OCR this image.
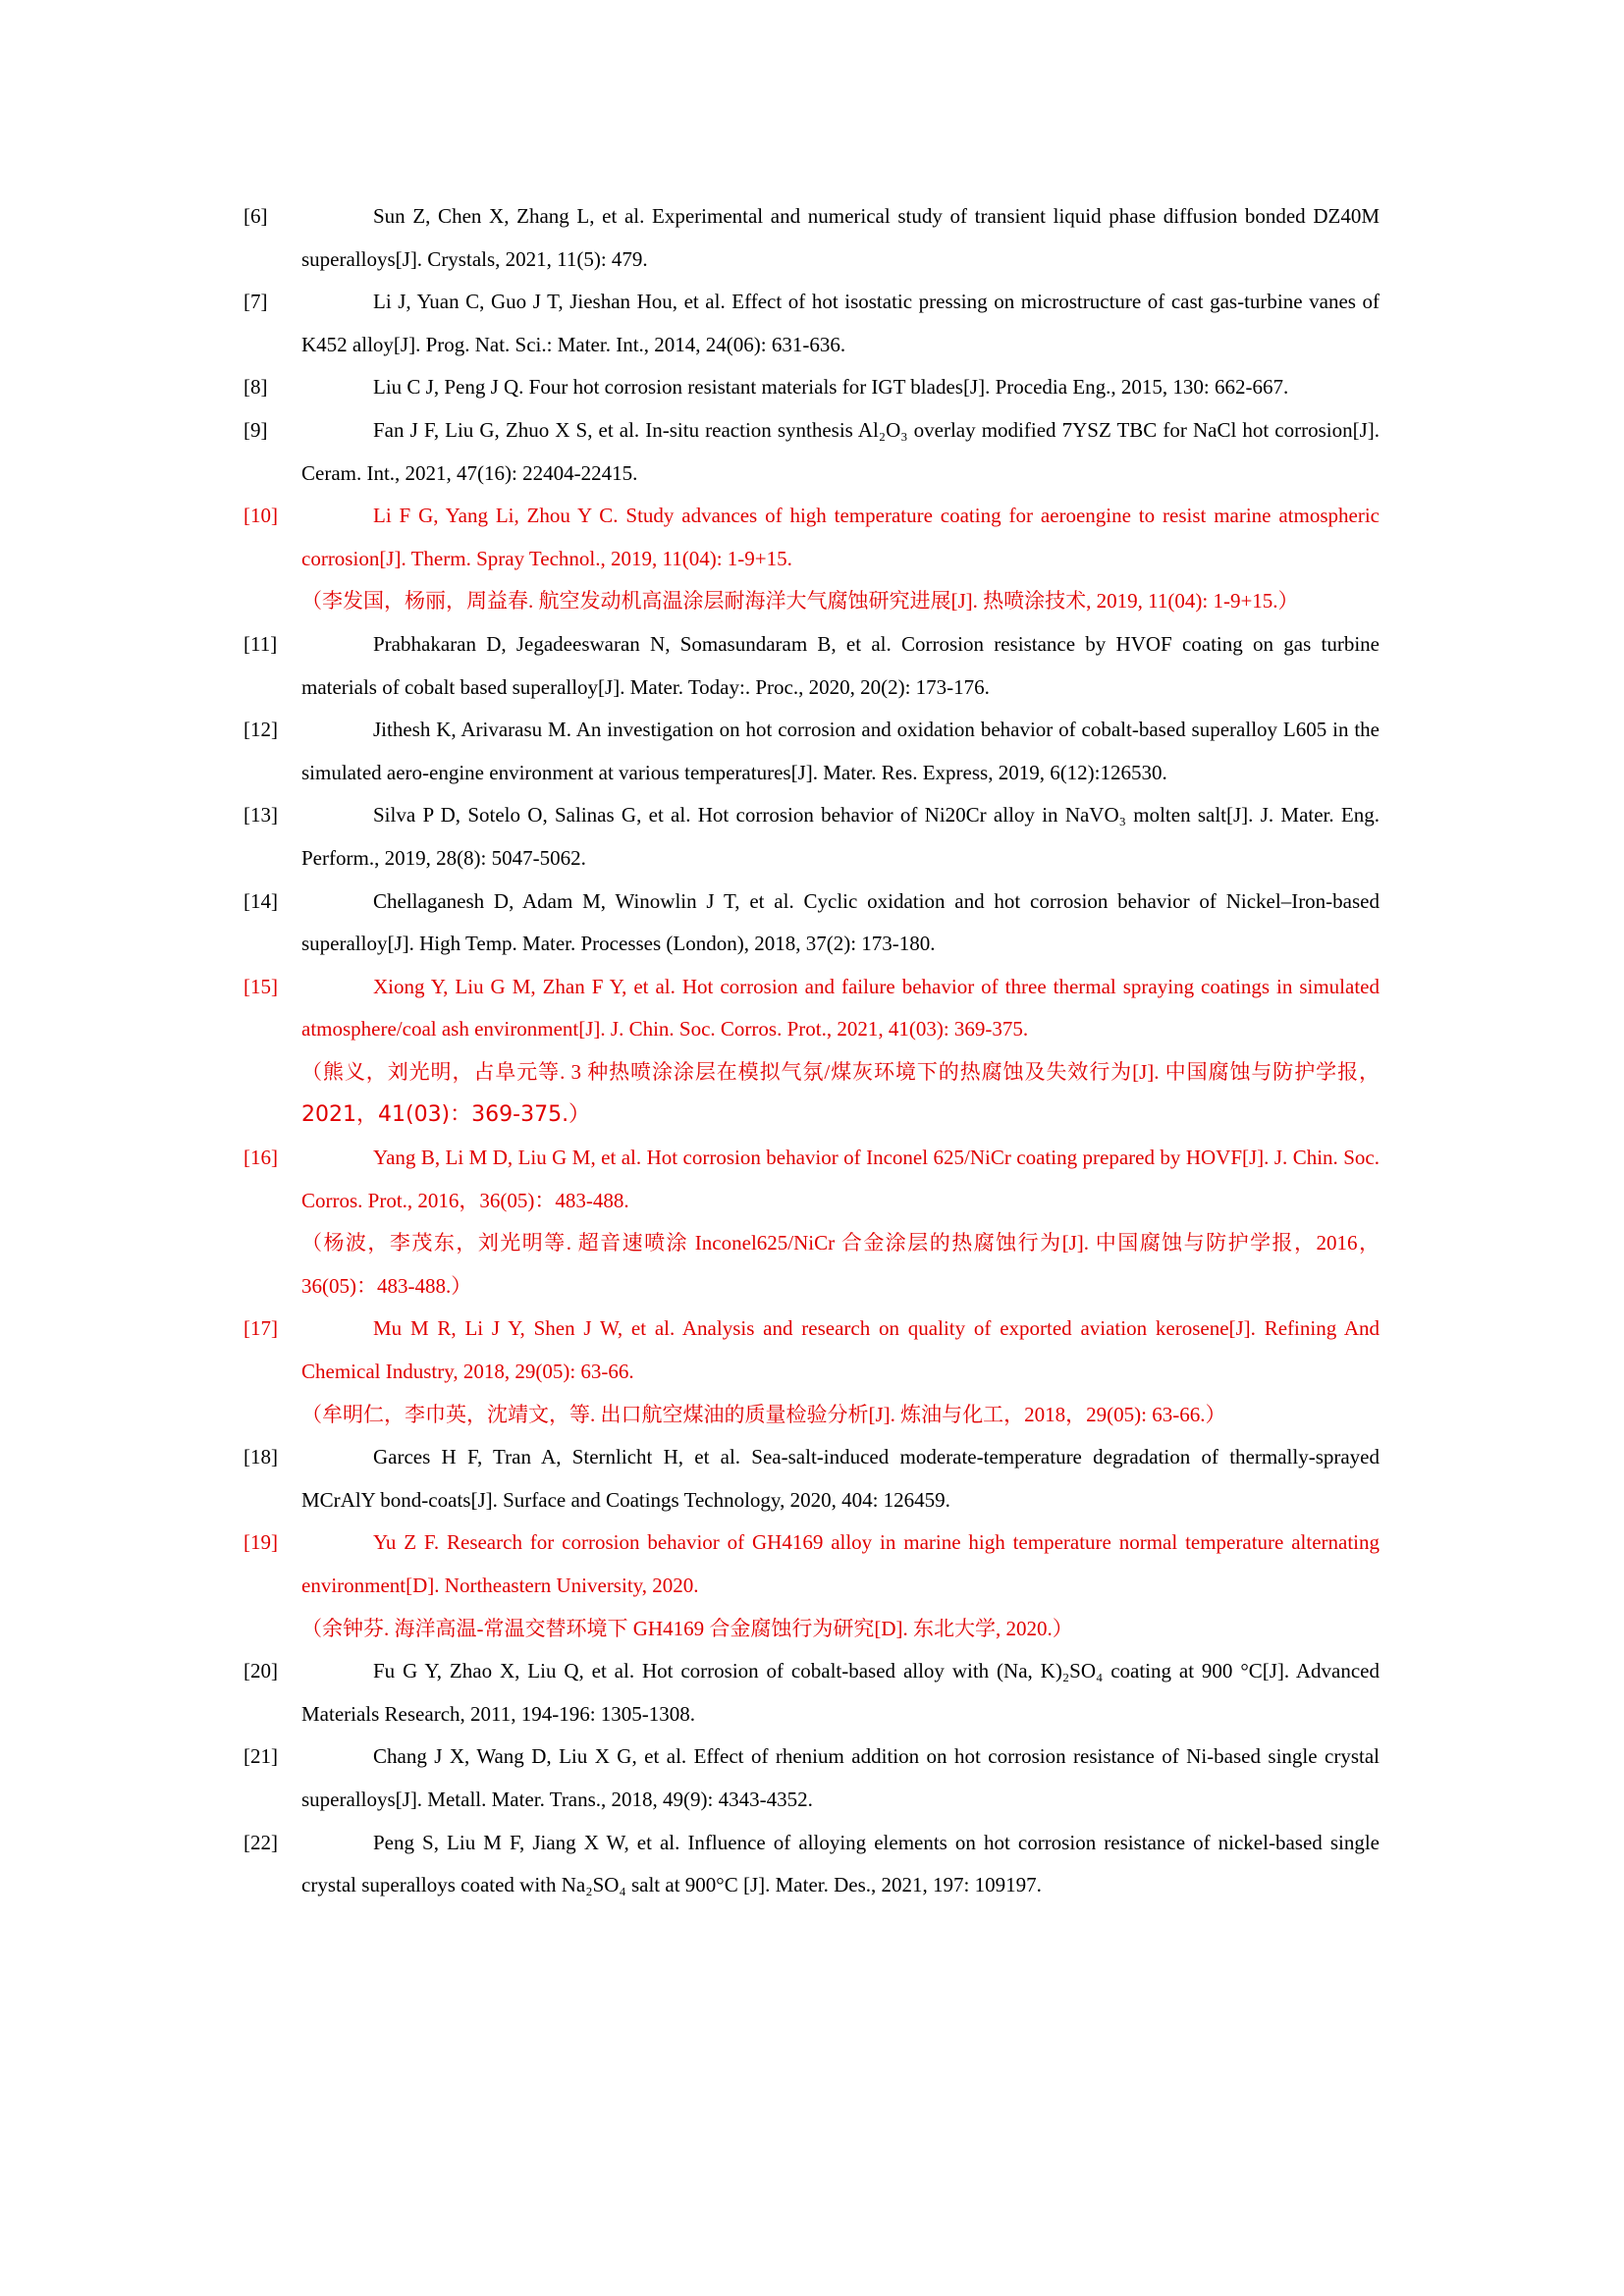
[6]	Sun Z, Chen X, Zhang L, et al. Experimental and numerical study of transient liquid phase diffusion bonded DZ40M superalloys[J]. Crystals, 2021, 11(5): 479.

[7]	Li J, Yuan C, Guo J T, Jieshan Hou, et al. Effect of hot isostatic pressing on microstructure of cast gas-turbine vanes of K452 alloy[J]. Prog. Nat. Sci.: Mater. Int., 2014, 24(06): 631-636.

[8]	Liu C J, Peng J Q. Four hot corrosion resistant materials for IGT blades[J]. Procedia Eng., 2015, 130: 662-667.

[9]	Fan J F, Liu G, Zhuo X S, et al. In-situ reaction synthesis Al₂O₃ overlay modified 7YSZ TBC for NaCl hot corrosion[J]. Ceram. Int., 2021, 47(16): 22404-22415.

[10]	Li F G, Yang Li, Zhou Y C. Study advances of high temperature coating for aeroengine to resist marine atmospheric corrosion[J]. Therm. Spray Technol., 2019, 11(04): 1-9+15.

（李发国，杨丽，周益春. 航空发动机高温涂层耐海洋大气腐蚀研究进展[J]. 热喷涂技术, 2019, 11(04): 1-9+15.）

[11]	Prabhakaran D, Jegadeeswaran N, Somasundaram B, et al. Corrosion resistance by HVOF coating on gas turbine materials of cobalt based superalloy[J]. Mater. Today:. Proc., 2020, 20(2): 173-176.

[12]	Jithesh K, Arivarasu M. An investigation on hot corrosion and oxidation behavior of cobalt-based superalloy L605 in the simulated aero-engine environment at various temperatures[J]. Mater. Res. Express, 2019, 6(12):126530.

[13]	Silva P D, Sotelo O, Salinas G, et al. Hot corrosion behavior of Ni20Cr alloy in NaVO₃ molten salt[J]. J. Mater. Eng. Perform., 2019, 28(8): 5047-5062.

[14]	Chellaganesh D, Adam M, Winowlin J T, et al. Cyclic oxidation and hot corrosion behavior of Nickel–Iron-based superalloy[J]. High Temp. Mater. Processes (London), 2018, 37(2): 173-180.

[15]	Xiong Y, Liu G M, Zhan F Y, et al. Hot corrosion and failure behavior of three thermal spraying coatings in simulated atmosphere/coal ash environment[J]. J. Chin. Soc. Corros. Prot., 2021, 41(03): 369-375.

（熊义，刘光明，占阜元等. 3 种热喷涂涂层在模拟气氛/煤灰环境下的热腐蚀及失效行为[J]. 中国腐蚀与防护学报，2021，41(03)：369-375.）

[16]	Yang B, Li M D, Liu G M, et al. Hot corrosion behavior of Inconel 625/NiCr coating prepared by HOVF[J]. J. Chin. Soc. Corros. Prot., 2016，36(05)：483-488.

（杨波，李茂东，刘光明等. 超音速喷涂 Inconel625/NiCr 合金涂层的热腐蚀行为[J]. 中国腐蚀与防护学报，2016，36(05)：483-488.）

[17]	Mu M R, Li J Y, Shen J W, et al. Analysis and research on quality of exported aviation kerosene[J]. Refining And Chemical Industry, 2018, 29(05): 63-66.

（牟明仁，李巾英，沈靖文，等. 出口航空煤油的质量检验分析[J]. 炼油与化工，2018，29(05): 63-66.）

[18]	Garces H F, Tran A, Sternlicht H, et al. Sea-salt-induced moderate-temperature degradation of thermally-sprayed MCrAlY bond-coats[J]. Surface and Coatings Technology, 2020, 404: 126459.

[19]	Yu Z F. Research for corrosion behavior of GH4169 alloy in marine high temperature normal temperature alternating environment[D]. Northeastern University, 2020.

（余钟芬. 海洋高温-常温交替环境下 GH4169 合金腐蚀行为研究[D]. 东北大学, 2020.）

[20]	Fu G Y, Zhao X, Liu Q, et al. Hot corrosion of cobalt-based alloy with (Na, K)₂SO₄ coating at 900 °C[J]. Advanced Materials Research, 2011, 194-196: 1305-1308.

[21]	Chang J X, Wang D, Liu X G, et al. Effect of rhenium addition on hot corrosion resistance of Ni-based single crystal superalloys[J]. Metall. Mater. Trans., 2018, 49(9): 4343-4352.

[22]	Peng S, Liu M F, Jiang X W, et al. Influence of alloying elements on hot corrosion resistance of nickel-based single crystal superalloys coated with Na₂SO₄ salt at 900°C [J]. Mater. Des., 2021, 197: 109197.
